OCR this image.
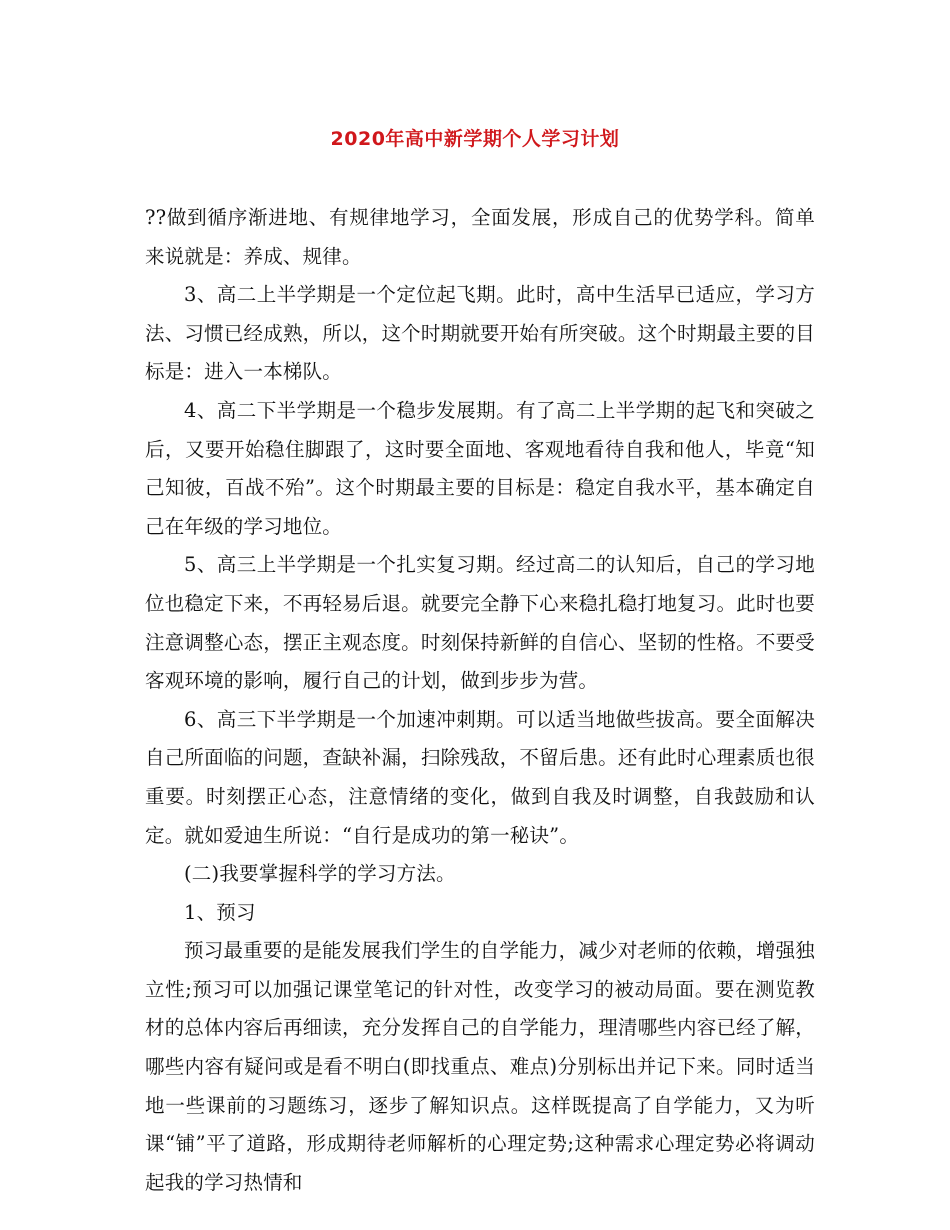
2020年高中新学期个人学习计划

??做到循序渐进地、有规律地学习，全面发展，形成自己的优势学科。简单来说就是：养成、规律。

3、高二上半学期是一个定位起飞期。此时，高中生活早已适应，学习方法、习惯已经成熟，所以，这个时期就要开始有所突破。这个时期最主要的目标是：进入一本梯队。

4、高二下半学期是一个稳步发展期。有了高二上半学期的起飞和突破之后，又要开始稳住脚跟了，这时要全面地、客观地看待自我和他人，毕竟“知己知彼，百战不殆”。这个时期最主要的目标是：稳定自我水平，基本确定自己在年级的学习地位。

5、高三上半学期是一个扎实复习期。经过高二的认知后，自己的学习地位也稳定下来，不再轻易后退。就要完全静下心来稳扎稳打地复习。此时也要注意调整心态，摆正主观态度。时刻保持新鲜的自信心、坚韧的性格。不要受客观环境的影响，履行自己的计划，做到步步为营。

6、高三下半学期是一个加速冲刺期。可以适当地做些拔高。要全面解决自己所面临的问题，查缺补漏，扫除残敌，不留后患。还有此时心理素质也很重要。时刻摆正心态，注意情绪的变化，做到自我及时调整，自我鼓励和认定。就如爱迪生所说：“自行是成功的第一秘诀”。

(二)我要掌握科学的学习方法。

1、预习

预习最重要的是能发展我们学生的自学能力，减少对老师的依赖，增强独立性;预习可以加强记课堂笔记的针对性，改变学习的被动局面。要在测览教材的总体内容后再细读，充分发挥自己的自学能力，理清哪些内容已经了解，哪些内容有疑问或是看不明白(即找重点、难点)分别标出并记下来。同时适当地一些课前的习题练习，逐步了解知识点。这样既提高了自学能力，又为听课“铺”平了道路，形成期待老师解析的心理定势;这种需求心理定势必将调动起我的学习热情和
